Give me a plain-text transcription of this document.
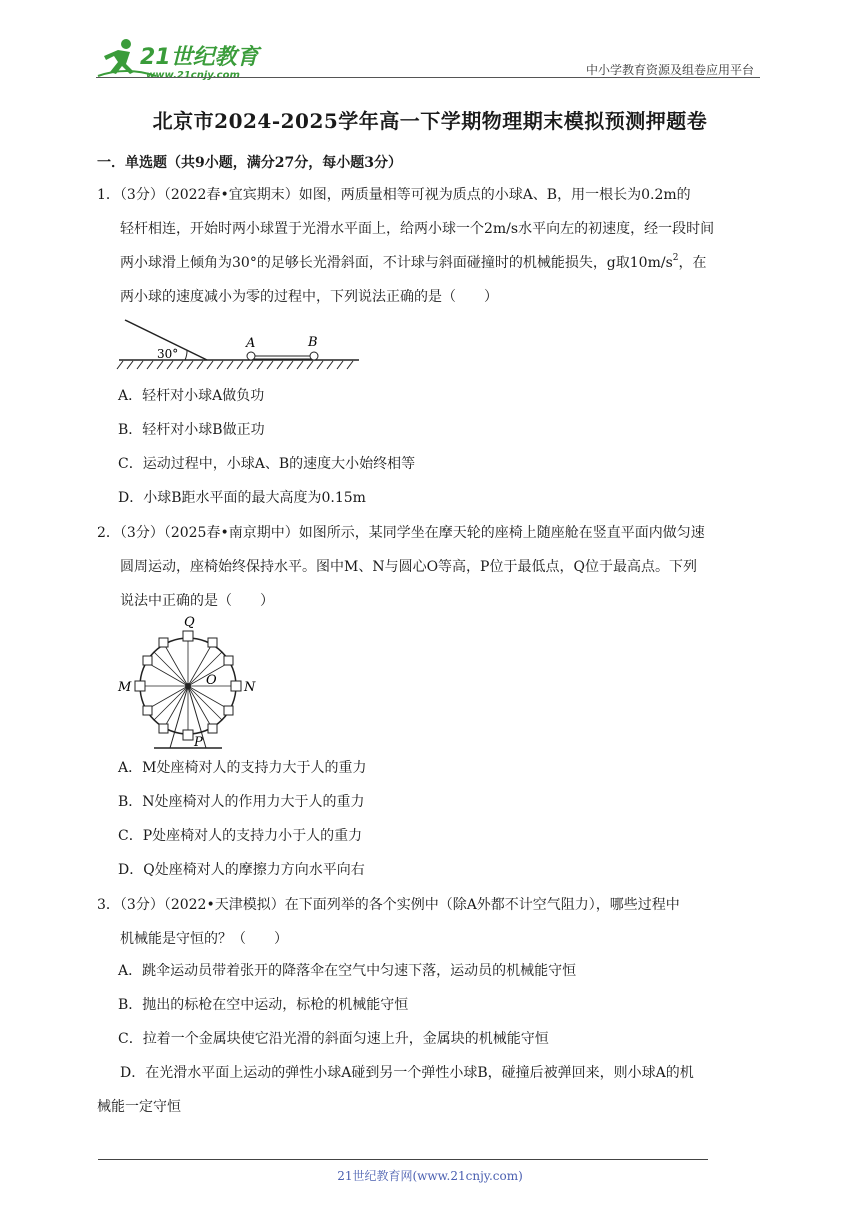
21世纪教育
www.21cnjy.com	中小学教育资源及组卷应用平台
北京市2024-2025学年高一下学期物理期末模拟预测押题卷
一．单选题（共9小题，满分27分，每小题3分）

1．（3分）（2022春•宜宾期末）如图，两质量相等可视为质点的小球A、B，用一根长为0.2m的

轻杆相连，开始时两小球置于光滑水平面上，给两小球一个2m/s水平向左的初速度，经一段时间

两小球滑上倾角为30°的足够长光滑斜面，不计球与斜面碰撞时的机械能损失，g取$10m/s^2$，在

两小球的速度减小为零的过程中，下列说法正确的是（　　）

30°
A	B
A．轻杆对小球A做负功
B．轻杆对小球B做正功
C．运动过程中，小球A、B的速度大小始终相等
D．小球B距水平面的最大高度为0.15m

2．（3分）（2025春•南京期中）如图所示，某同学坐在摩天轮的座椅上随座舱在竖直平面内做匀速

圆周运动，座椅始终保持水平。图中M、N与圆心O等高，P位于最低点，Q位于最高点。下列

说法中正确的是（　　）

Q
M	O N
P
A．M处座椅对人的支持力大于人的重力
B．N处座椅对人的作用力大于人的重力
C．P处座椅对人的支持力小于人的重力
D．Q处座椅对人的摩擦力方向水平向右

3．（3分）（2022•天津模拟）在下面列举的各个实例中（除A外都不计空气阻力），哪些过程中

机械能是守恒的？（　　）

A．跳伞运动员带着张开的降落伞在空气中匀速下落，运动员的机械能守恒
B．抛出的标枪在空中运动，标枪的机械能守恒
C．拉着一个金属块使它沿光滑的斜面匀速上升，金属块的机械能守恒

D．在光滑水平面上运动的弹性小球A碰到另一个弹性小球B，碰撞后被弹回来，则小球A的机

械能一定守恒

21世纪教育网(www.21cnjy.com)
